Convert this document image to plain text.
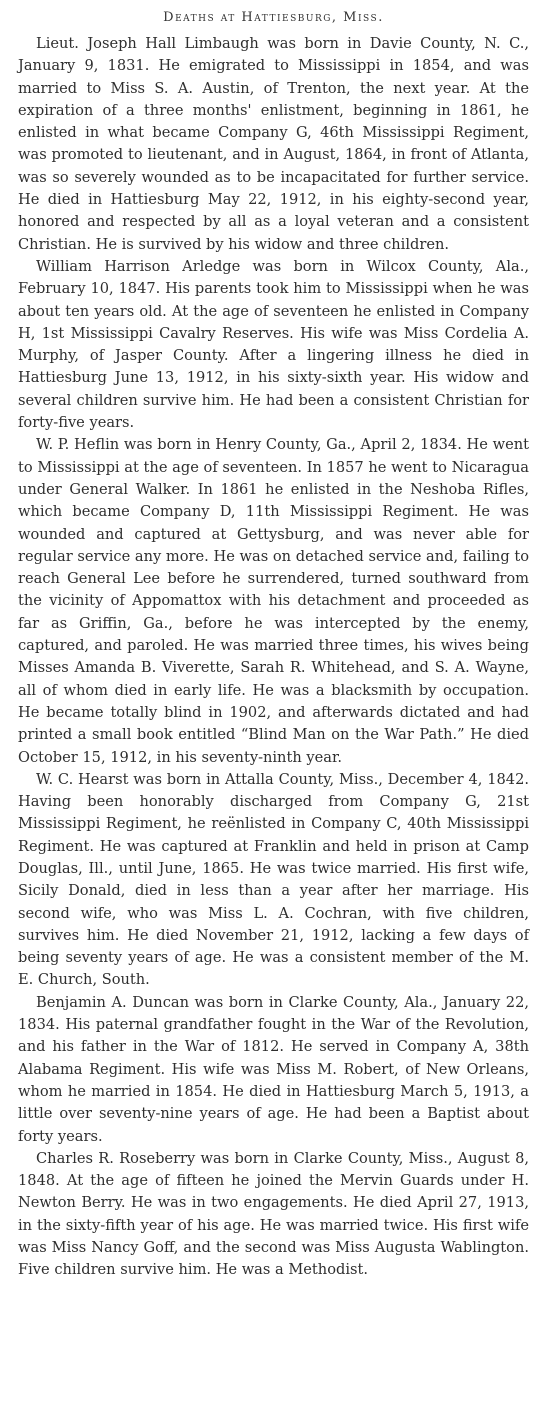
Deaths at Hattiesburg, Miss.

Lieut. Joseph Hall Limbaugh was born in Davie County, N. C., January 9, 1831. He emigrated to Mississippi in 1854, and was married to Miss S. A. Austin, of Trenton, the next year. At the expiration of a three months' enlistment, beginning in 1861, he enlisted in what became Company G, 46th Mississippi Regiment, was promoted to lieutenant, and in August, 1864, in front of Atlanta, was so severely wounded as to be incapacitated for further service. He died in Hattiesburg May 22, 1912, in his eighty-second year, honored and respected by all as a loyal veteran and a consistent Christian. He is survived by his widow and three children.

William Harrison Arledge was born in Wilcox County, Ala., February 10, 1847. His parents took him to Mississippi when he was about ten years old. At the age of seventeen he enlisted in Company H, 1st Mississippi Cavalry Reserves. His wife was Miss Cordelia A. Murphy, of Jasper County. After a lingering illness he died in Hattiesburg June 13, 1912, in his sixty-sixth year. His widow and several children survive him. He had been a consistent Christian for forty-five years.

W. P. Heflin was born in Henry County, Ga., April 2, 1834. He went to Mississippi at the age of seventeen. In 1857 he went to Nicaragua under General Walker. In 1861 he enlisted in the Neshoba Rifles, which became Company D, 11th Mississippi Regiment. He was wounded and captured at Gettysburg, and was never able for regular service any more. He was on detached service and, failing to reach General Lee before he surrendered, turned southward from the vicinity of Appomattox with his detachment and proceeded as far as Griffin, Ga., before he was intercepted by the enemy, captured, and paroled. He was married three times, his wives being Misses Amanda B. Viverette, Sarah R. Whitehead, and S. A. Wayne, all of whom died in early life. He was a blacksmith by occupation. He became totally blind in 1902, and afterwards dictated and had printed a small book entitled “Blind Man on the War Path.” He died October 15, 1912, in his seventy-ninth year.

W. C. Hearst was born in Attalla County, Miss., December 4, 1842. Having been honorably discharged from Company G, 21st Mississippi Regiment, he reënlisted in Company C, 40th Mississippi Regiment. He was captured at Franklin and held in prison at Camp Douglas, Ill., until June, 1865. He was twice married. His first wife, Sicily Donald, died in less than a year after her marriage. His second wife, who was Miss L. A. Cochran, with five children, survives him. He died November 21, 1912, lacking a few days of being seventy years of age. He was a consistent member of the M. E. Church, South.

Benjamin A. Duncan was born in Clarke County, Ala., January 22, 1834. His paternal grandfather fought in the War of the Revolution, and his father in the War of 1812. He served in Company A, 38th Alabama Regiment. His wife was Miss M. Robert, of New Orleans, whom he married in 1854. He died in Hattiesburg March 5, 1913, a little over seventy-nine years of age. He had been a Baptist about forty years.

Charles R. Roseberry was born in Clarke County, Miss., August 8, 1848. At the age of fifteen he joined the Mervin Guards under H. Newton Berry. He was in two engagements. He died April 27, 1913, in the sixty-fifth year of his age. He was married twice. His first wife was Miss Nancy Goff, and the second was Miss Augusta Wablington. Five children survive him. He was a Methodist.
